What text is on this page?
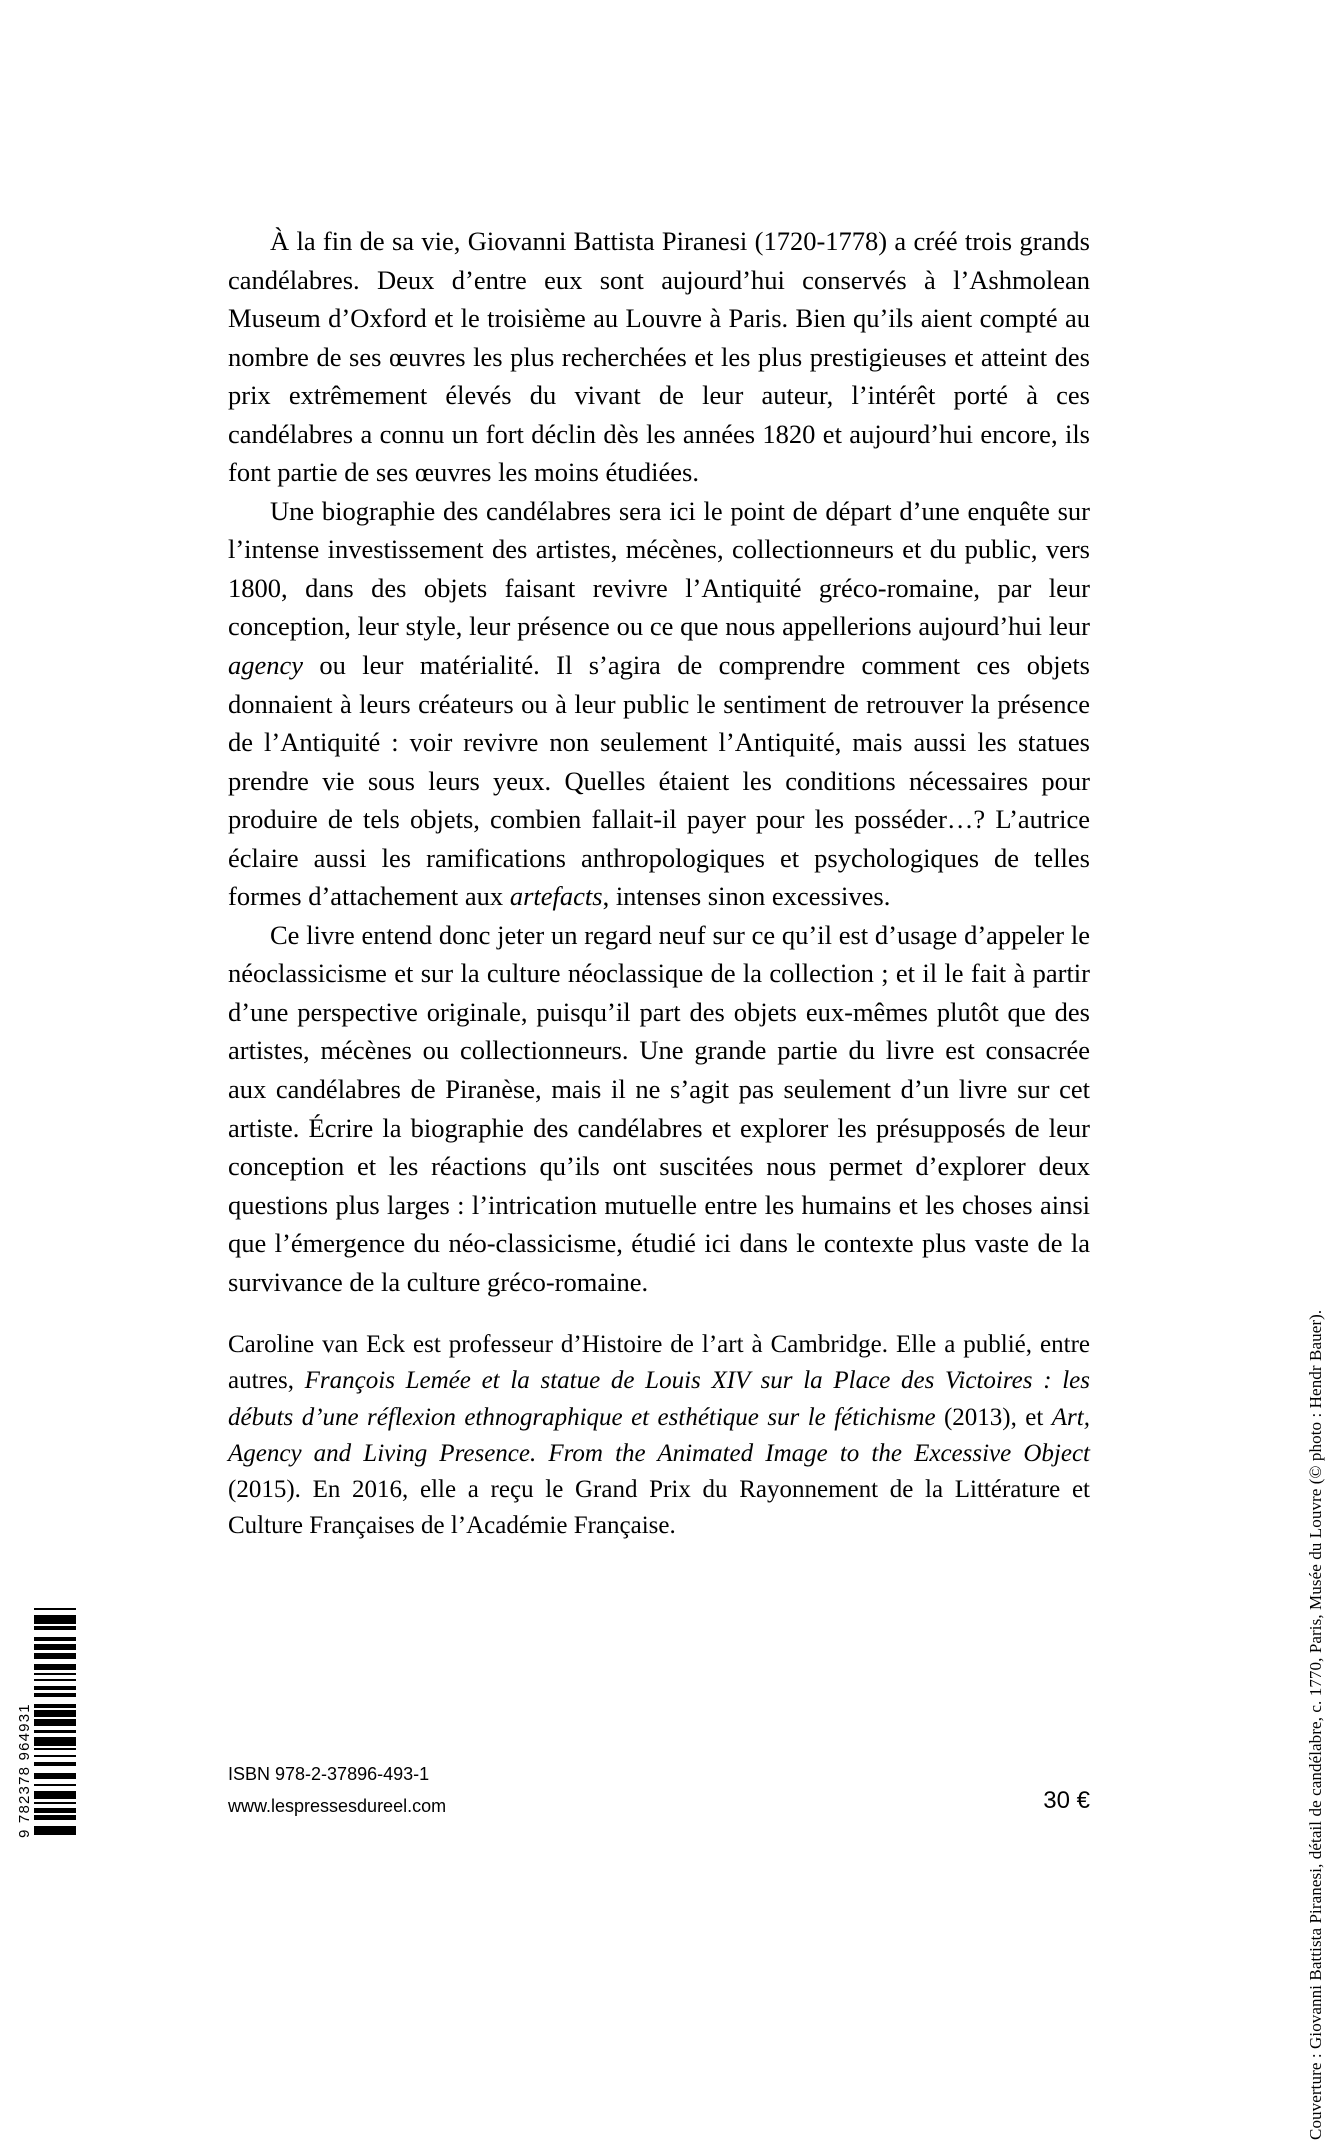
À la fin de sa vie, Giovanni Battista Piranesi (1720-1778) a créé trois grands candélabres. Deux d’entre eux sont aujourd’hui conservés à l’Ashmolean Museum d’Oxford et le troisième au Louvre à Paris. Bien qu’ils aient compté au nombre de ses œuvres les plus recherchées et les plus prestigieuses et atteint des prix extrêmement élevés du vivant de leur auteur, l’intérêt porté à ces candélabres a connu un fort déclin dès les années 1820 et aujourd’hui encore, ils font partie de ses œuvres les moins étudiées.

Une biographie des candélabres sera ici le point de départ d’une enquête sur l’intense investissement des artistes, mécènes, collectionneurs et du public, vers 1800, dans des objets faisant revivre l’Antiquité gréco-romaine, par leur conception, leur style, leur présence ou ce que nous appellerions aujourd’hui leur agency ou leur matérialité. Il s’agira de comprendre comment ces objets donnaient à leurs créateurs ou à leur public le sentiment de retrouver la présence de l’Antiquité : voir revivre non seulement l’Antiquité, mais aussi les statues prendre vie sous leurs yeux. Quelles étaient les conditions nécessaires pour produire de tels objets, combien fallait-il payer pour les posséder…? L’autrice éclaire aussi les ramifications anthropologiques et psychologiques de telles formes d’attachement aux artefacts, intenses sinon excessives.

Ce livre entend donc jeter un regard neuf sur ce qu’il est d’usage d’appeler le néoclassicisme et sur la culture néoclassique de la collection ; et il le fait à partir d’une perspective originale, puisqu’il part des objets eux-mêmes plutôt que des artistes, mécènes ou collectionneurs. Une grande partie du livre est consacrée aux candélabres de Piranèse, mais il ne s’agit pas seulement d’un livre sur cet artiste. Écrire la biographie des candélabres et explorer les présupposés de leur conception et les réactions qu’ils ont suscitées nous permet d’explorer deux questions plus larges : l’intrication mutuelle entre les humains et les choses ainsi que l’émergence du néo-classicisme, étudié ici dans le contexte plus vaste de la survivance de la culture gréco-romaine.

Caroline van Eck est professeur d’Histoire de l’art à Cambridge. Elle a publié, entre autres, François Lemée et la statue de Louis XIV sur la Place des Victoires : les débuts d’une réflexion ethnographique et esthétique sur le fétichisme (2013), et Art, Agency and Living Presence. From the Animated Image to the Excessive Object (2015). En 2016, elle a reçu le Grand Prix du Rayonnement de la Littérature et Culture Françaises de l’Académie Française.	Couverture : Giovanni Battista Piranesi, détail de candélabre, c. 1770, Paris, Musée du Louvre (© photo : Hendr Bauer).
9 782378 964931	ISBN 978-2-37896-493-1
www.lespressesdureel.com	30 €
